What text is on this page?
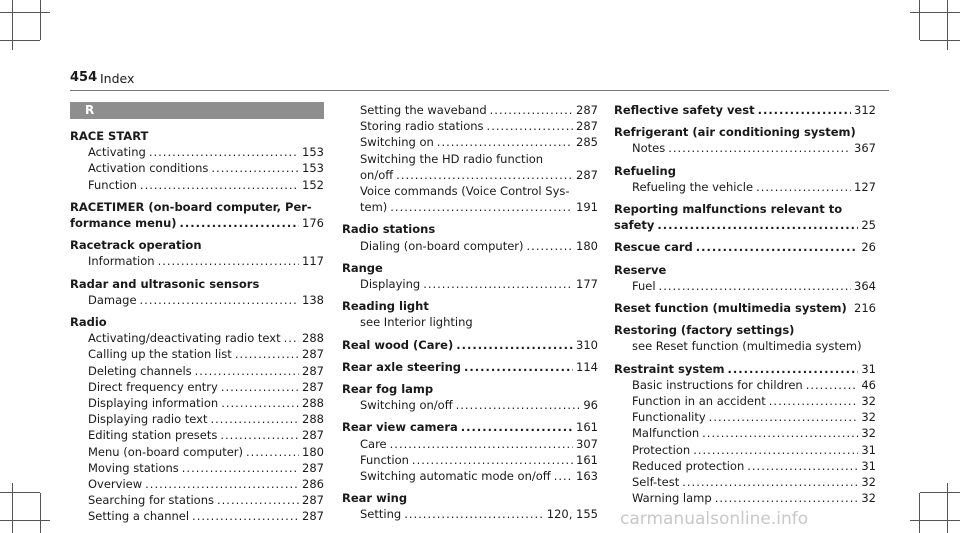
454 Index
R
RACE START
Activating .....	153
Activation conditions .....	153
Function .....	152
RACETIMER (on-board computer, Per-
formance menu) .....	176
Racetrack operation
Information .....	117
Radar and ultrasonic sensors
Damage .....	138
Radio
Activating/deactivating radio text ..... 288
Calling up the station list .....	287
Deleting channels .....	287
Direct frequency entry .....	287
Displaying information .....	288
Displaying radio text .....	288
Editing station presets .....	287
Menu (on-board computer) .....	180
Moving stations .....	287
Overview .....	286
Searching for stations .....	287
Setting a channel .....	287
Setting the waveband .....	287
Storing radio stations .....	287
Switching on .....	285
Switching the HD radio function
on/off .....	287
Voice commands (Voice Control Sys-
tem) .....	191
Radio stations
Dialing (on-board computer) .....	180
Range
Displaying .....	177
Reading light
see Interior lighting
Real wood (Care) .....	310
Rear axle steering .....	114
Rear fog lamp
Switching on/off .....	96
Rear view camera .....	161
Care .....	307
Function .....	161
Switching automatic mode on/off ..... 163
Rear wing
Setting .....	120, 155
Reflective safety vest .....	312
Refrigerant (air conditioning system)
Notes .....	367
Refueling
Refueling the vehicle .....	127
Reporting malfunctions relevant to
safety .....	25
Rescue card .....	26
Reserve
Fuel .....	364
Reset function (multimedia system) ..... 216
Restoring (factory settings)
see Reset function (multimedia system)
Restraint system .....	31
Basic instructions for children .....	46
Function in an accident .....	32
Functionality .....	32
Malfunction .....	32
Protection .....	31
Reduced protection .....	31
Self-test .....	32
Warning lamp .....	32
carmanualsonline.info
